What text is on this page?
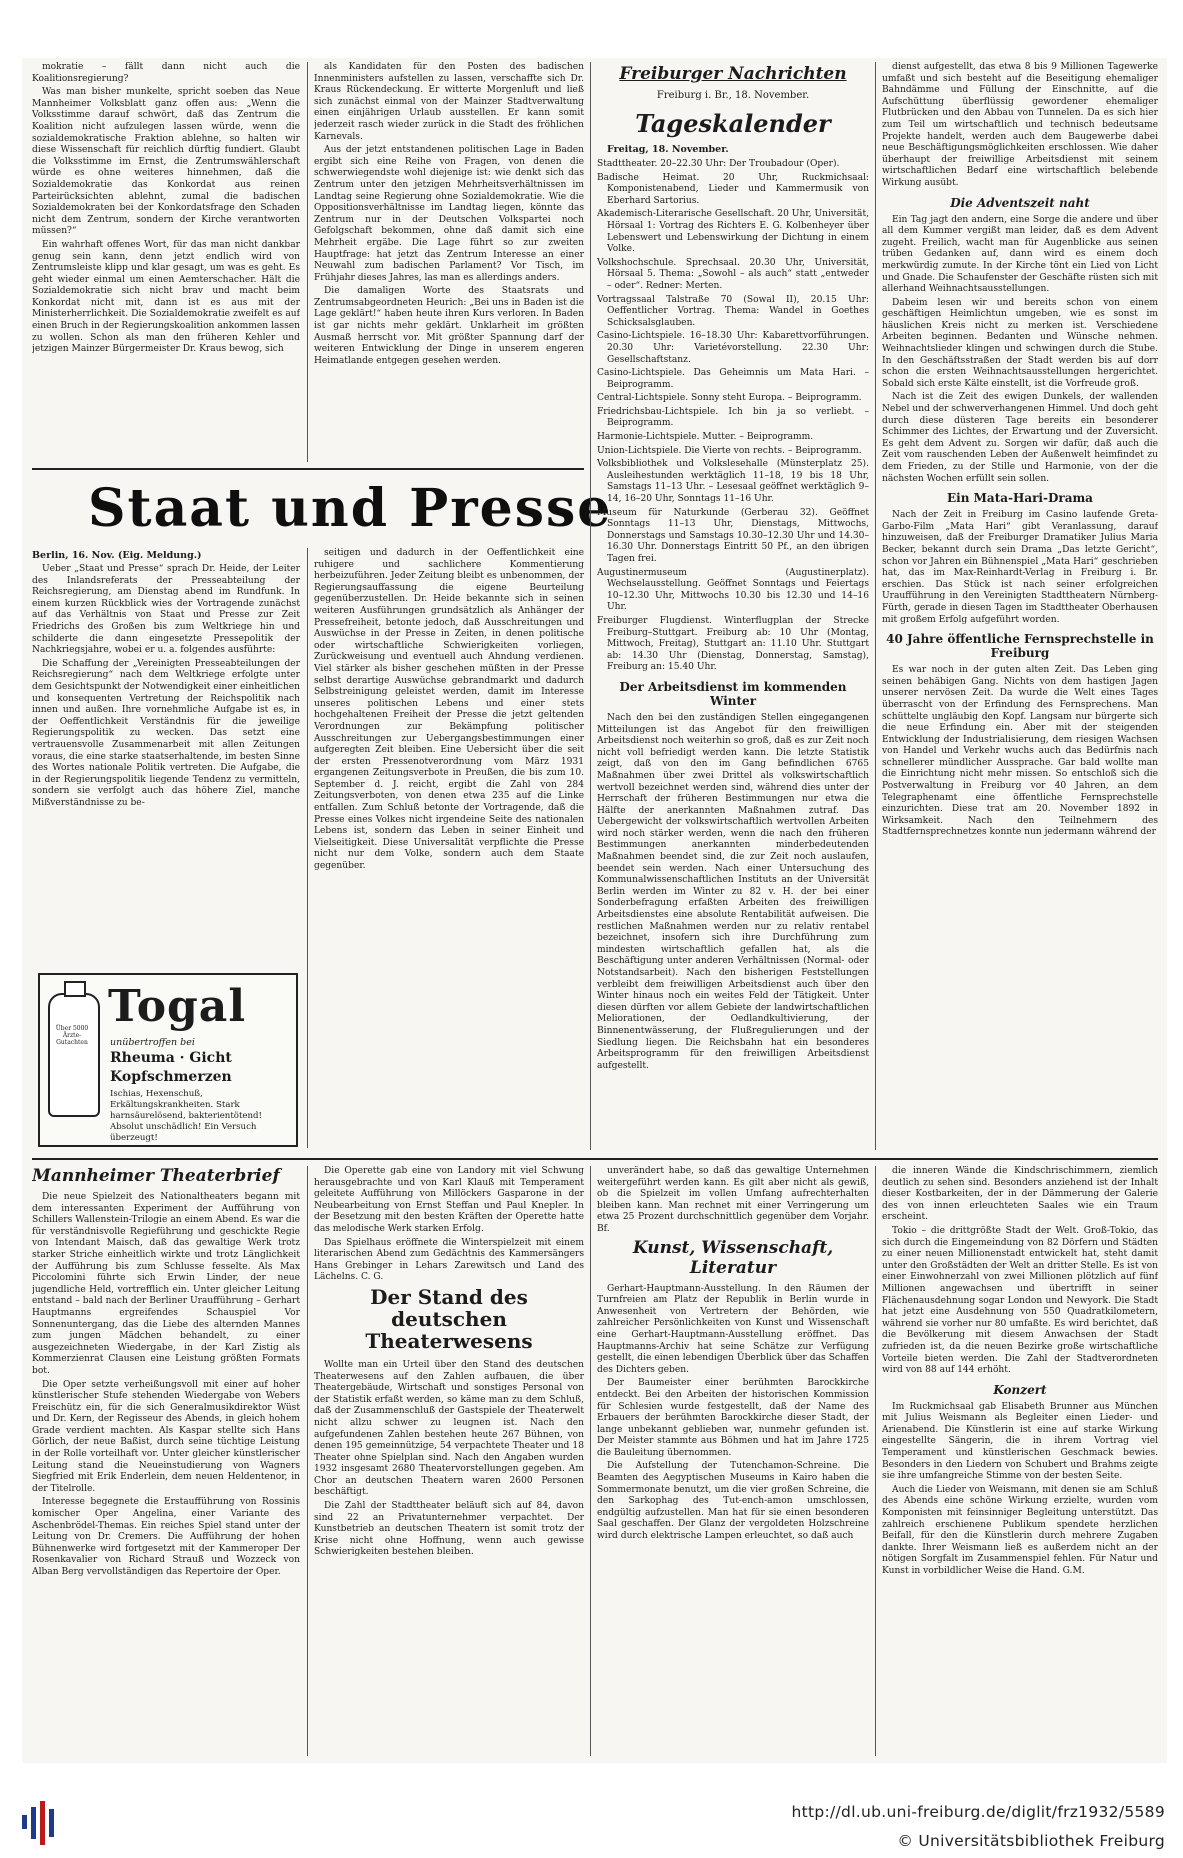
mokratie – fällt dann nicht auch die Koalitionsregierung?

Was man bisher munkelte, spricht soeben das Neue Mannheimer Volksblatt ganz offen aus: „Wenn die Volksstimme darauf schwört, daß das Zentrum die Koalition nicht aufzulegen lassen würde, wenn die sozialdemokratische Fraktion ablehne, so halten wir diese Wissenschaft für reichlich dürftig fundiert. Glaubt die Volksstimme im Ernst, die Zentrumswählerschaft würde es ohne weiteres hinnehmen, daß die Sozialdemokratie das Konkordat aus reinen Parteirücksichten ablehnt, zumal die badischen Sozialdemokraten bei der Konkordatsfrage den Schaden nicht dem Zentrum, sondern der Kirche verantworten müssen?“

Ein wahrhaft offenes Wort, für das man nicht dankbar genug sein kann, denn jetzt endlich wird von Zentrumsleiste klipp und klar gesagt, um was es geht. Es geht wieder einmal um einen Aemterschacher. Hält die Sozialdemokratie sich nicht brav und macht beim Konkordat nicht mit, dann ist es aus mit der Ministerherrlichkeit. Die Sozialdemokratie zweifelt es auf einen Bruch in der Regierungskoalition ankommen lassen zu wollen. Schon als man den früheren Kehler und jetzigen Mainzer Bürgermeister Dr. Kraus bewog, sich

als Kandidaten für den Posten des badischen Innenministers aufstellen zu lassen, verschaffte sich Dr. Kraus Rückendeckung. Er witterte Morgenluft und ließ sich zunächst einmal von der Mainzer Stadtverwaltung einen einjährigen Urlaub ausstellen. Er kann somit jederzeit rasch wieder zurück in die Stadt des fröhlichen Karnevals.

Aus der jetzt entstandenen politischen Lage in Baden ergibt sich eine Reihe von Fragen, von denen die schwerwiegendste wohl diejenige ist: wie denkt sich das Zentrum unter den jetzigen Mehrheitsverhältnissen im Landtag seine Regierung ohne Sozialdemokratie. Wie die Oppositionsverhältnisse im Landtag liegen, könnte das Zentrum nur in der Deutschen Volkspartei noch Gefolgschaft bekommen, ohne daß damit sich eine Mehrheit ergäbe. Die Lage führt so zur zweiten Hauptfrage: hat jetzt das Zentrum Interesse an einer Neuwahl zum badischen Parlament? Vor Tisch, im Frühjahr dieses Jahres, las man es allerdings anders.

Die damaligen Worte des Staatsrats und Zentrumsabgeordneten Heurich: „Bei uns in Baden ist die Lage geklärt!“ haben heute ihren Kurs verloren. In Baden ist gar nichts mehr geklärt. Unklarheit im größten Ausmaß herrscht vor. Mit größter Spannung darf der weiteren Entwicklung der Dinge in unserem engeren Heimatlande entgegen gesehen werden.

Staat und Presse
Berlin, 16. Nov. (Eig. Meldung.)

Ueber „Staat und Presse“ sprach Dr. Heide, der Leiter des Inlandsreferats der Presseabteilung der Reichsregierung, am Dienstag abend im Rundfunk. In einem kurzen Rückblick wies der Vortragende zunächst auf das Verhältnis von Staat und Presse zur Zeit Friedrichs des Großen bis zum Weltkriege hin und schilderte die dann eingesetzte Pressepolitik der Nachkriegsjahre, wobei er u. a. folgendes ausführte:

Die Schaffung der „Vereinigten Presseabteilungen der Reichsregierung“ nach dem Weltkriege erfolgte unter dem Gesichtspunkt der Notwendigkeit einer einheitlichen und konsequenten Vertretung der Reichspolitik nach innen und außen. Ihre vornehmliche Aufgabe ist es, in der Oeffentlichkeit Verständnis für die jeweilige Regierungspolitik zu wecken. Das setzt eine vertrauensvolle Zusammenarbeit mit allen Zeitungen voraus, die eine starke staatserhaltende, im besten Sinne des Wortes nationale Politik vertreten. Die Aufgabe, die in der Regierungspolitik liegende Tendenz zu vermitteln, sondern sie verfolgt auch das höhere Ziel, manche Mißverständnisse zu be-

seitigen und dadurch in der Oeffentlichkeit eine ruhigere und sachlichere Kommentierung herbeizuführen. Jeder Zeitung bleibt es unbenommen, der Regierungsauffassung die eigene Beurteilung gegenüberzustellen. Dr. Heide bekannte sich in seinen weiteren Ausführungen grundsätzlich als Anhänger der Pressefreiheit, betonte jedoch, daß Ausschreitungen und Auswüchse in der Presse in Zeiten, in denen politische oder wirtschaftliche Schwierigkeiten vorliegen, Zurückweisung und eventuell auch Ahndung verdienen. Viel stärker als bisher geschehen müßten in der Presse selbst derartige Auswüchse gebrandmarkt und dadurch Selbstreinigung geleistet werden, damit im Interesse unseres politischen Lebens und einer stets hochgehaltenen Freiheit der Presse die jetzt geltenden Verordnungen zur Bekämpfung politischer Ausschreitungen zur Uebergangsbestimmungen einer aufgeregten Zeit bleiben. Eine Uebersicht über die seit der ersten Pressenotverordnung vom März 1931 ergangenen Zeitungsverbote in Preußen, die bis zum 10. September d. J. reicht, ergibt die Zahl von 284 Zeitungsverboten, von denen etwa 235 auf die Linke entfallen. Zum Schluß betonte der Vortragende, daß die Presse eines Volkes nicht irgendeine Seite des nationalen Lebens ist, sondern das Leben in seiner Einheit und Vielseitigkeit. Diese Universalität verpflichte die Presse nicht nur dem Volke, sondern auch dem Staate gegenüber.

Über 5000 Ärzte-Gutachten
Togal
unübertroffen bei
Rheuma · Gicht
Kopfschmerzen
Ischias, Hexenschuß, Erkältungskrankheiten. Stark harnsäurelösend, bakterientötend! Absolut unschädlich! Ein Versuch überzeugt!
Freiburger Nachrichten
Freiburg i. Br., 18. November.
Tageskalender
Freitag, 18. November.

Stadttheater. 20–22.30 Uhr: Der Troubadour (Oper).

Badische Heimat. 20 Uhr, Ruckmichsaal: Komponistenabend, Lieder und Kammermusik von Eberhard Sartorius.

Akademisch-Literarische Gesellschaft. 20 Uhr, Universität, Hörsaal 1: Vortrag des Richters E. G. Kolbenheyer über Lebenswert und Lebenswirkung der Dichtung in einem Volke.

Volkshochschule. Sprechsaal. 20.30 Uhr, Universität, Hörsaal 5. Thema: „Sowohl – als auch“ statt „entweder – oder“. Redner: Merten.

Vortragssaal Talstraße 70 (Sowal II), 20.15 Uhr: Oeffentlicher Vortrag. Thema: Wandel in Goethes Schicksalsglauben.

Casino-Lichtspiele. 16–18.30 Uhr: Kabarettvorführungen. 20.30 Uhr: Varietévorstellung. 22.30 Uhr: Gesellschaftstanz.

Casino-Lichtspiele. Das Geheimnis um Mata Hari. – Beiprogramm.

Central-Lichtspiele. Sonny steht Europa. – Beiprogramm.

Friedrichsbau-Lichtspiele. Ich bin ja so verliebt. – Beiprogramm.

Harmonie-Lichtspiele. Mutter. – Beiprogramm.

Union-Lichtspiele. Die Vierte von rechts. – Beiprogramm.

Volksbibliothek und Volkslesehalle (Münsterplatz 25). Ausleihestunden werktäglich 11–18, 19 bis 18 Uhr, Samstags 11–13 Uhr. – Lesesaal geöffnet werktäglich 9–14, 16–20 Uhr, Sonntags 11–16 Uhr.

Museum für Naturkunde (Gerberau 32). Geöffnet Sonntags 11–13 Uhr, Dienstags, Mittwochs, Donnerstags und Samstags 10.30–12.30 Uhr und 14.30–16.30 Uhr. Donnerstags Eintritt 50 Pf., an den übrigen Tagen frei.

Augustinermuseum (Augustinerplatz). Wechselausstellung. Geöffnet Sonntags und Feiertags 10–12.30 Uhr, Mittwochs 10.30 bis 12.30 und 14–16 Uhr.

Freiburger Flugdienst. Winterflugplan der Strecke Freiburg–Stuttgart. Freiburg ab: 10 Uhr (Montag, Mittwoch, Freitag), Stuttgart an: 11.10 Uhr. Stuttgart ab: 14.30 Uhr (Dienstag, Donnerstag, Samstag), Freiburg an: 15.40 Uhr.

Der Arbeitsdienst im kommenden Winter

Nach den bei den zuständigen Stellen eingegangenen Mitteilungen ist das Angebot für den freiwilligen Arbeitsdienst noch weiterhin so groß, daß es zur Zeit noch nicht voll befriedigt werden kann. Die letzte Statistik zeigt, daß von den im Gang befindlichen 6765 Maßnahmen über zwei Drittel als volkswirtschaftlich wertvoll bezeichnet werden sind, während dies unter der Herrschaft der früheren Bestimmungen nur etwa die Hälfte der anerkannten Maßnahmen zutraf. Das Uebergewicht der volkswirtschaftlich wertvollen Arbeiten wird noch stärker werden, wenn die nach den früheren Bestimmungen anerkannten minderbedeutenden Maßnahmen beendet sind, die zur Zeit noch auslaufen, beendet sein werden. Nach einer Untersuchung des Kommunalwissenschaftlichen Instituts an der Universität Berlin werden im Winter zu 82 v. H. der bei einer Sonderbefragung erfaßten Arbeiten des freiwilligen Arbeitsdienstes eine absolute Rentabilität aufweisen. Die restlichen Maßnahmen werden nur zu relativ rentabel bezeichnet, insofern sich ihre Durchführung zum mindesten wirtschaftlich gefallen hat, als die Beschäftigung unter anderen Verhältnissen (Normal- oder Notstandsarbeit). Nach den bisherigen Feststellungen verbleibt dem freiwilligen Arbeitsdienst auch über den Winter hinaus noch ein weites Feld der Tätigkeit. Unter diesen dürften vor allem Gebiete der landwirtschaftlichen Meliorationen, der Oedlandkultivierung, der Binnenentwässerung, der Flußregulierungen und der Siedlung liegen. Die Reichsbahn hat ein besonderes Arbeitsprogramm für den freiwilligen Arbeitsdienst aufgestellt.

dienst aufgestellt, das etwa 8 bis 9 Millionen Tagewerke umfaßt und sich besteht auf die Beseitigung ehemaliger Bahndämme und Füllung der Einschnitte, auf die Aufschüttung überflüssig gewordener ehemaliger Flutbrücken und den Abbau von Tunnelen. Da es sich hier zum Teil um wirtschaftlich und technisch bedeutsame Projekte handelt, werden auch dem Baugewerbe dabei neue Beschäftigungsmöglichkeiten erschlossen. Wie daher überhaupt der freiwillige Arbeitsdienst mit seinem wirtschaftlichen Bedarf eine wirtschaftlich belebende Wirkung ausübt.

Die Adventszeit naht

Ein Tag jagt den andern, eine Sorge die andere und über all dem Kummer vergißt man leider, daß es dem Advent zugeht. Freilich, wacht man für Augenblicke aus seinen trüben Gedanken auf, dann wird es einem doch merkwürdig zumute. In der Kirche tönt ein Lied von Licht und Gnade. Die Schaufenster der Geschäfte rüsten sich mit allerhand Weihnachtsausstellungen.

Dabeim lesen wir und bereits schon von einem geschäftigen Heimlichtun umgeben, wie es sonst im häuslichen Kreis nicht zu merken ist. Verschiedene Arbeiten beginnen. Bedanten und Wünsche nehmen. Weihnachtslieder klingen und schwingen durch die Stube. In den Geschäftsstraßen der Stadt werden bis auf dorr schon die ersten Weihnachtsausstellungen hergerichtet. Sobald sich erste Kälte einstellt, ist die Vorfreude groß.

Nach ist die Zeit des ewigen Dunkels, der wallenden Nebel und der schwerverhangenen Himmel. Und doch geht durch diese düsteren Tage bereits ein besonderer Schimmer des Lichtes, der Erwartung und der Zuversicht. Es geht dem Advent zu. Sorgen wir dafür, daß auch die Zeit vom rauschenden Leben der Außenwelt heimfindet zu dem Frieden, zu der Stille und Harmonie, von der die nächsten Wochen erfüllt sein sollen.

Ein Mata-Hari-Drama

Nach der Zeit in Freiburg im Casino laufende Greta-Garbo-Film „Mata Hari“ gibt Veranlassung, darauf hinzuweisen, daß der Freiburger Dramatiker Julius Maria Becker, bekannt durch sein Drama „Das letzte Gericht“, schon vor Jahren ein Bühnenspiel „Mata Hari“ geschrieben hat, das im Max-Reinhardt-Verlag in Freiburg i. Br. erschien. Das Stück ist nach seiner erfolgreichen Uraufführung in den Vereinigten Stadttheatern Nürnberg-Fürth, gerade in diesen Tagen im Stadttheater Oberhausen mit großem Erfolg aufgeführt worden.

40 Jahre öffentliche Fernsprechstelle in Freiburg

Es war noch in der guten alten Zeit. Das Leben ging seinen behäbigen Gang. Nichts von dem hastigen Jagen unserer nervösen Zeit. Da wurde die Welt eines Tages überrascht von der Erfindung des Fernsprechens. Man schüttelte ungläubig den Kopf. Langsam nur bürgerte sich die neue Erfindung ein. Aber mit der steigenden Entwicklung der Industrialisierung, dem riesigen Wachsen von Handel und Verkehr wuchs auch das Bedürfnis nach schnellerer mündlicher Aussprache. Gar bald wollte man die Einrichtung nicht mehr missen. So entschloß sich die Postverwaltung in Freiburg vor 40 Jahren, an dem Telegraphenamt eine öffentliche Fernsprechstelle einzurichten. Diese trat am 20. November 1892 in Wirksamkeit. Nach den Teilnehmern des Stadtfernsprechnetzes konnte nun jedermann während der

Mannheimer Theaterbrief

Die neue Spielzeit des Nationaltheaters begann mit dem interessanten Experiment der Aufführung von Schillers Wallenstein-Trilogie an einem Abend. Es war die für verständnisvolle Regieführung und geschickte Regie von Intendant Maisch, daß das gewaltige Werk trotz starker Striche einheitlich wirkte und trotz Länglichkeit der Aufführung bis zum Schlusse fesselte. Als Max Piccolomini führte sich Erwin Linder, der neue jugendliche Held, vortrefflich ein. Unter gleicher Leitung entstand – bald nach der Berliner Uraufführung – Gerhart Hauptmanns ergreifendes Schauspiel Vor Sonnenuntergang, das die Liebe des alternden Mannes zum jungen Mädchen behandelt, zu einer ausgezeichneten Wiedergabe, in der Karl Zistig als Kommerzienrat Clausen eine Leistung größten Formats bot.

Die Oper setzte verheißungsvoll mit einer auf hoher künstlerischer Stufe stehenden Wiedergabe von Webers Freischütz ein, für die sich Generalmusikdirektor Wüst und Dr. Kern, der Regisseur des Abends, in gleich hohem Grade verdient machten. Als Kaspar stellte sich Hans Görlich, der neue Baßist, durch seine tüchtige Leistung in der Rolle vorteilhaft vor. Unter gleicher künstlerischer Leitung stand die Neueinstudierung von Wagners Siegfried mit Erik Enderlein, dem neuen Heldentenor, in der Titelrolle.

Interesse begegnete die Erstaufführung von Rossinis komischer Oper Angelina, einer Variante des Aschenbrödel-Themas. Ein reiches Spiel stand unter der Leitung von Dr. Cremers. Die Aufführung der hohen Bühnenwerke wird fortgesetzt mit der Kammeroper Der Rosenkavalier von Richard Strauß und Wozzeck von Alban Berg vervollständigen das Repertoire der Oper.

Die Operette gab eine von Landory mit viel Schwung herausgebrachte und von Karl Klauß mit Temperament geleitete Aufführung von Millöckers Gasparone in der Neubearbeitung von Ernst Steffan und Paul Knepler. In der Besetzung mit den besten Kräften der Operette hatte das melodische Werk starken Erfolg.

Das Spielhaus eröffnete die Winterspielzeit mit einem literarischen Abend zum Gedächtnis des Kammersängers Hans Grebinger in Lehars Zarewitsch und Land des Lächelns. C. G.

Der Stand des deutschen Theaterwesens

Wollte man ein Urteil über den Stand des deutschen Theaterwesens auf den Zahlen aufbauen, die über Theatergebäude, Wirtschaft und sonstiges Personal von der Statistik erfaßt werden, so käme man zu dem Schluß, daß der Zusammenschluß der Gastspiele der Theaterwelt nicht allzu schwer zu leugnen ist. Nach den aufgefundenen Zahlen bestehen heute 267 Bühnen, von denen 195 gemeinnützige, 54 verpachtete Theater und 18 Theater ohne Spielplan sind. Nach den Angaben wurden 1932 insgesamt 2680 Theatervorstellungen gegeben. Am Chor an deutschen Theatern waren 2600 Personen beschäftigt.

Die Zahl der Stadttheater beläuft sich auf 84, davon sind 22 an Privatunternehmer verpachtet. Der Kunstbetrieb an deutschen Theatern ist somit trotz der Krise nicht ohne Hoffnung, wenn auch gewisse Schwierigkeiten bestehen bleiben.

unverändert habe, so daß das gewaltige Unternehmen weitergeführt werden kann. Es gilt aber nicht als gewiß, ob die Spielzeit im vollen Umfang aufrechterhalten bleiben kann. Man rechnet mit einer Verringerung um etwa 25 Prozent durchschnittlich gegenüber dem Vorjahr. Bf.

Kunst, Wissenschaft, Literatur

Gerhart-Hauptmann-Ausstellung. In den Räumen der Turnfreien am Platz der Republik in Berlin wurde in Anwesenheit von Vertretern der Behörden, wie zahlreicher Persönlichkeiten von Kunst und Wissenschaft eine Gerhart-Hauptmann-Ausstellung eröffnet. Das Hauptmanns-Archiv hat seine Schätze zur Verfügung gestellt, die einen lebendigen Überblick über das Schaffen des Dichters geben.

Der Baumeister einer berühmten Barockkirche entdeckt. Bei den Arbeiten der historischen Kommission für Schlesien wurde festgestellt, daß der Name des Erbauers der berühmten Barockkirche dieser Stadt, der lange unbekannt geblieben war, nunmehr gefunden ist. Der Meister stammte aus Böhmen und hat im Jahre 1725 die Bauleitung übernommen.

Die Aufstellung der Tutenchamon-Schreine. Die Beamten des Aegyptischen Museums in Kairo haben die Sommermonate benutzt, um die vier großen Schreine, die den Sarkophag des Tut-ench-amon umschlossen, endgültig aufzustellen. Man hat für sie einen besonderen Saal geschaffen. Der Glanz der vergoldeten Holzschreine wird durch elektrische Lampen erleuchtet, so daß auch

die inneren Wände die Kindschrischimmern, ziemlich deutlich zu sehen sind. Besonders anziehend ist der Inhalt dieser Kostbarkeiten, der in der Dämmerung der Galerie des von innen erleuchteten Saales wie ein Traum erscheint.

Tokio – die drittgrößte Stadt der Welt. Groß-Tokio, das sich durch die Eingemeindung von 82 Dörfern und Städten zu einer neuen Millionenstadt entwickelt hat, steht damit unter den Großstädten der Welt an dritter Stelle. Es ist von einer Einwohnerzahl von zwei Millionen plötzlich auf fünf Millionen angewachsen und übertrifft in seiner Flächenausdehnung sogar London und Newyork. Die Stadt hat jetzt eine Ausdehnung von 550 Quadratkilometern, während sie vorher nur 80 umfaßte. Es wird berichtet, daß die Bevölkerung mit diesem Anwachsen der Stadt zufrieden ist, da die neuen Bezirke große wirtschaftliche Vorteile bieten werden. Die Zahl der Stadtverordneten wird von 88 auf 144 erhöht.

Konzert

Im Ruckmichsaal gab Elisabeth Brunner aus München mit Julius Weismann als Begleiter einen Lieder- und Arienabend. Die Künstlerin ist eine auf starke Wirkung eingestellte Sängerin, die in ihrem Vortrag viel Temperament und künstlerischen Geschmack bewies. Besonders in den Liedern von Schubert und Brahms zeigte sie ihre umfangreiche Stimme von der besten Seite.

Auch die Lieder von Weismann, mit denen sie am Schluß des Abends eine schöne Wirkung erzielte, wurden vom Komponisten mit feinsinniger Begleitung unterstützt. Das zahlreich erschienene Publikum spendete herzlichen Beifall, für den die Künstlerin durch mehrere Zugaben dankte. Ihrer Weismann ließ es außerdem nicht an der nötigen Sorgfalt im Zusammenspiel fehlen. Für Natur und Kunst in vorbildlicher Weise die Hand. G.M.

http://dl.ub.uni-freiburg.de/diglit/frz1932/5589
© Universitätsbibliothek Freiburg
